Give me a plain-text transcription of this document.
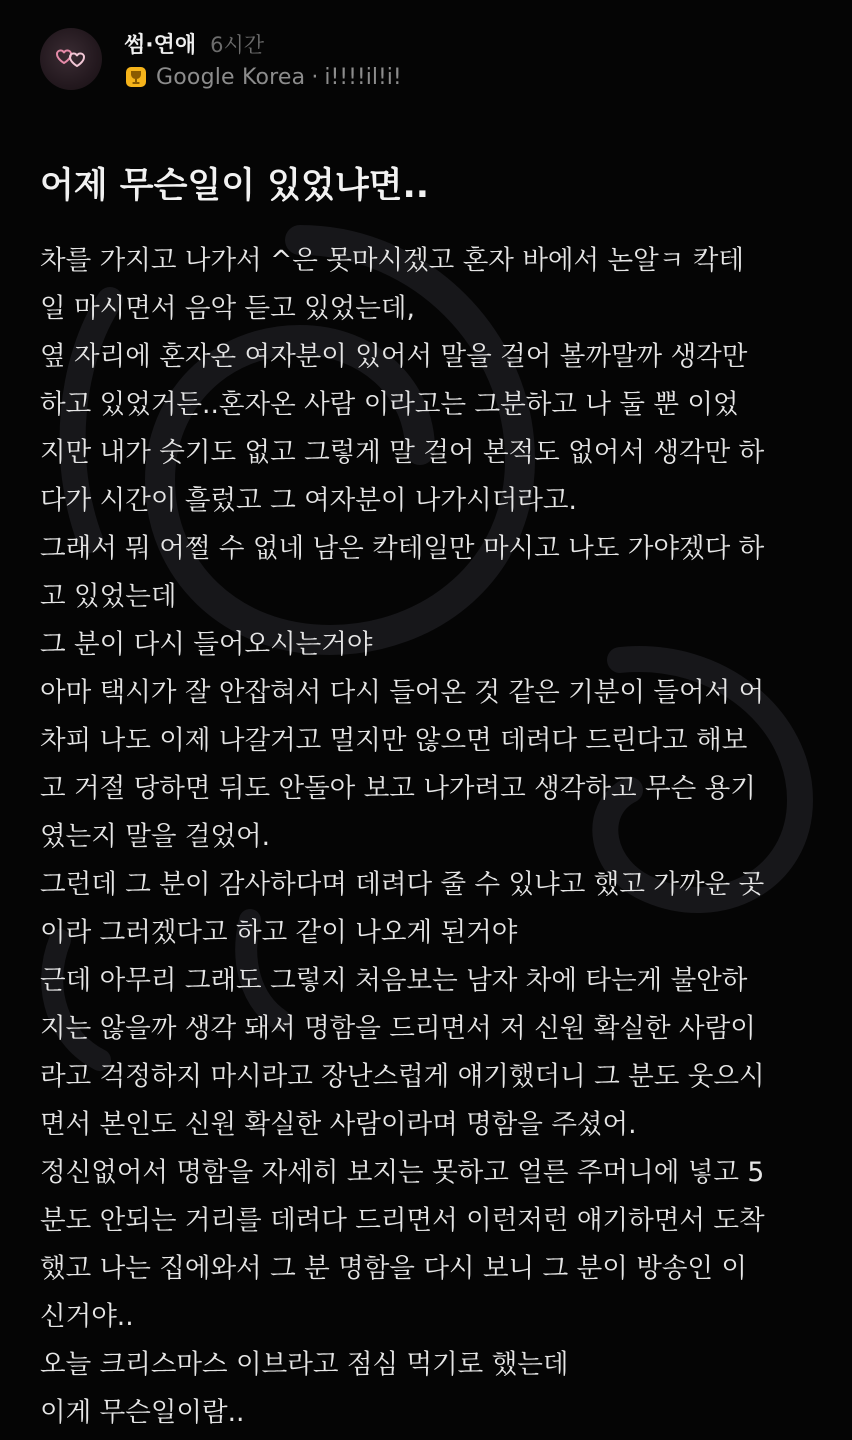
썸·연애 6시간
Google Korea · i!!!!il!i!
어제 무슨일이 있었냐면..
차를 가지고 나가서 ^은 못마시겠고 혼자 바에서 논알ㅋ 칵테
일 마시면서 음악 듣고 있었는데,
옆 자리에 혼자온 여자분이 있어서 말을 걸어 볼까말까 생각만
하고 있었거든..혼자온 사람 이라고는 그분하고 나 둘 뿐 이었
지만 내가 숫기도 없고 그렇게 말 걸어 본적도 없어서 생각만 하
다가 시간이 흘렀고 그 여자분이 나가시더라고.
그래서 뭐 어쩔 수 없네 남은 칵테일만 마시고 나도 가야겠다 하
고 있었는데
그 분이 다시 들어오시는거야
아마 택시가 잘 안잡혀서 다시 들어온 것 같은 기분이 들어서 어
차피 나도 이제 나갈거고 멀지만 않으면 데려다 드린다고 해보
고 거절 당하면 뒤도 안돌아 보고 나가려고 생각하고 무슨 용기
였는지 말을 걸었어.
그런데 그 분이 감사하다며 데려다 줄 수 있냐고 했고 가까운 곳
이라 그러겠다고 하고 같이 나오게 된거야
근데 아무리 그래도 그렇지 처음보는 남자 차에 타는게 불안하
지는 않을까 생각 돼서 명함을 드리면서 저 신원 확실한 사람이
라고 걱정하지 마시라고 장난스럽게 얘기했더니 그 분도 웃으시
면서 본인도 신원 확실한 사람이라며 명함을 주셨어.
정신없어서 명함을 자세히 보지는 못하고 얼른 주머니에 넣고 5
분도 안되는 거리를 데려다 드리면서 이런저런 얘기하면서 도착
했고 나는 집에와서 그 분 명함을 다시 보니 그 분이 방송인 이
신거야..
오늘 크리스마스 이브라고 점심 먹기로 했는데
이게 무슨일이람..
